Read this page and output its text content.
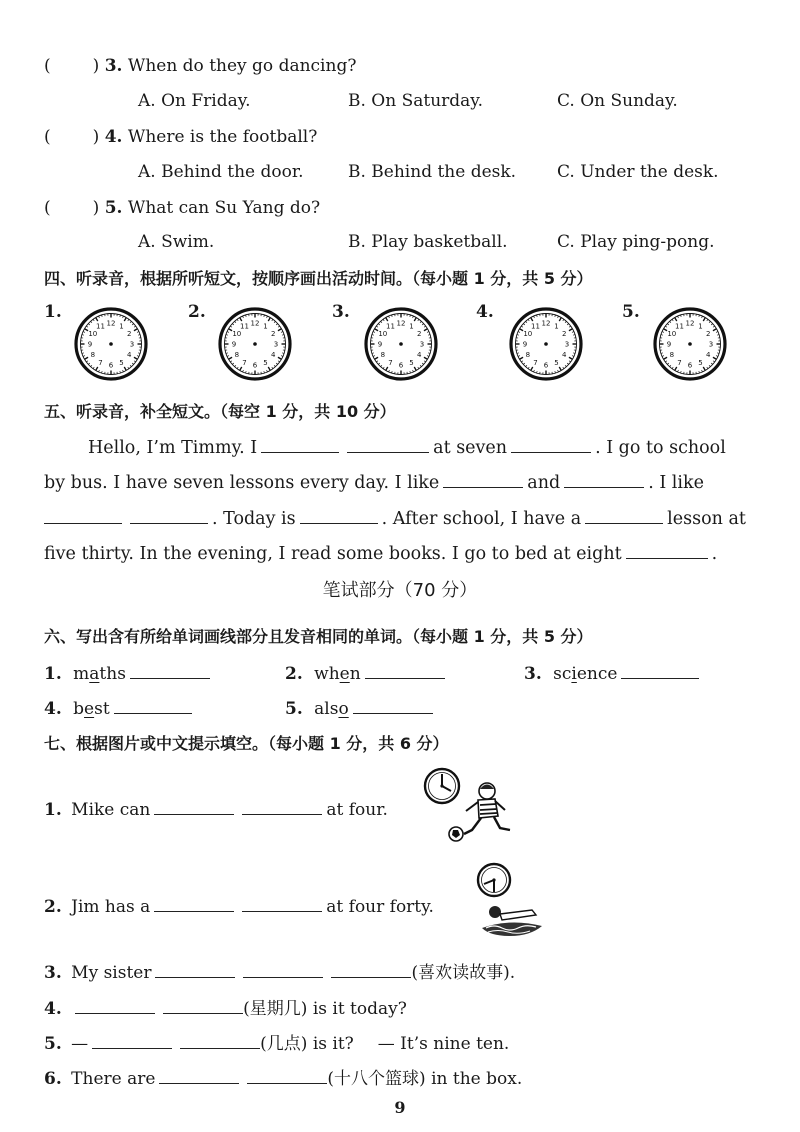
( ) 3. When do they go dancing?
A. On Friday.	B. On Saturday.	C. On Sunday.
( ) 4. Where is the football?
A. Behind the door.	B. Behind the desk. C. Under the desk.
( ) 5. What can Su Yang do?
A. Swim.	B. Play basketball.	C. Play ping-pong.
四、听录音，根据所听短文，按顺序画出活动时间。（每小题 1 分，共 5 分）
1.	2.	3.	4.	5.
12 1
2
3
4
5
6
7
8
9
10
11	12 1
2
3
4
5
6
7
8
9
10
11	12 1
2
3
4
5
6
7
8
9
10
11	12 1
2
3
4
5
6
7
8
9
10
11	12 1
2
3
4
5
6
7
8
9
10
11
五、听录音，补全短文。（每空 1 分，共 10 分）
Hello, I’m Timmy. I	at seven	. I go to school
by bus. I have seven lessons every day. I like	and	. I like
. Today is	. After school, I have a	lesson at
five thirty. In the evening, I read some books. I go to bed at eight	.
笔试部分（70 分）
六、写出含有所给单词画线部分且发音相同的单词。（每小题 1 分，共 5 分）
1. maths	2. when	3. science
4. best	5. also
七、根据图片或中文提示填空。（每小题 1 分，共 6 分）
1. Mike can	at four.
2. Jim has a	at four forty.
3. My sister	(喜欢读故事).
4.	(星期几) is it today?
5. —	(几点) is it? — It’s nine ten.
6. There are	(十八个篮球) in the box.
9
